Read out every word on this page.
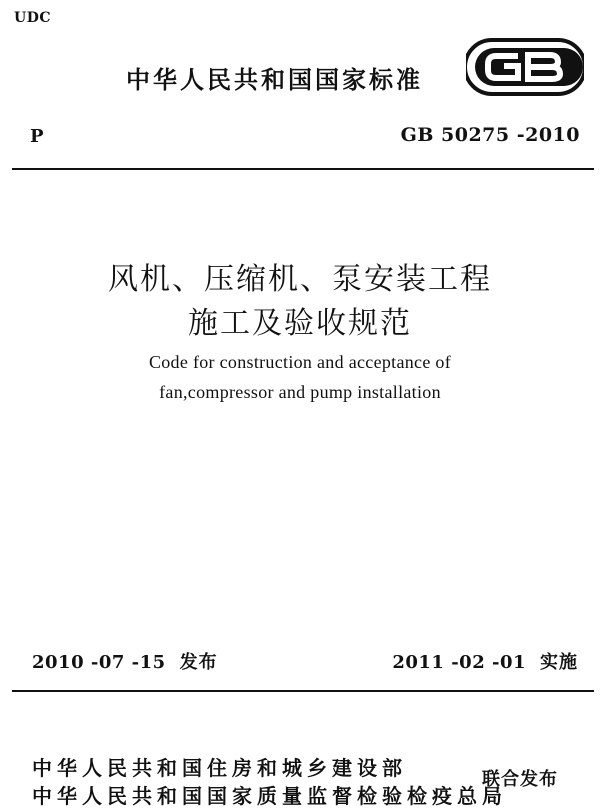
UDC
中华人民共和国国家标准
P	GB 50275 -2010
风机、压缩机、泵安装工程
施工及验收规范
Code for construction and acceptance of
fan,compressor and pump installation
2010 -07 -15 发布	2011 -02 -01 实施
中华人民共和国住房和城乡建设部
中华人民共和国国家质量监督检验检疫总局
联合发布
